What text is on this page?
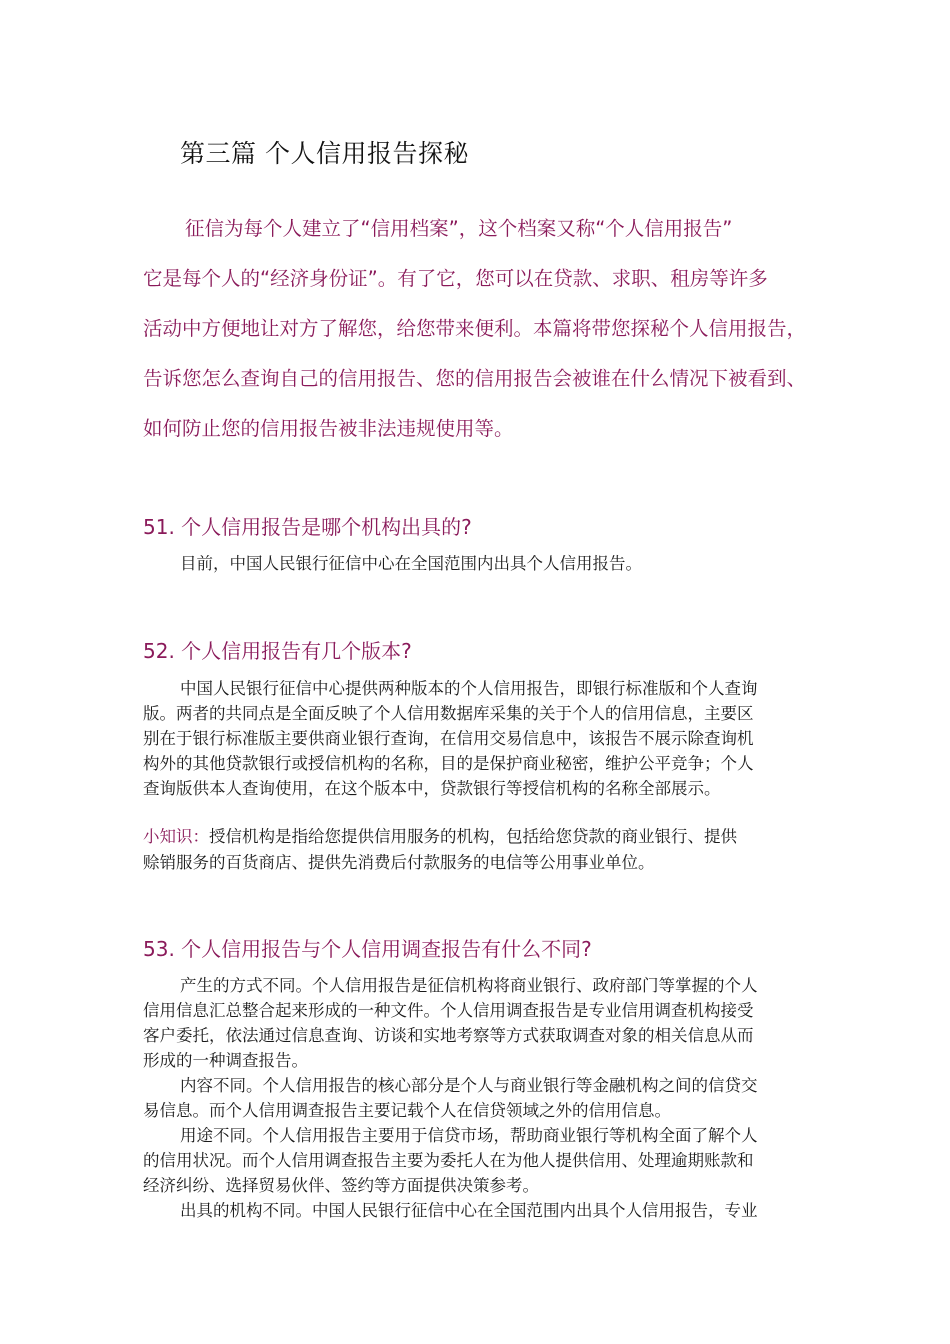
第三篇 个人信用报告探秘
征信为每个人建立了“信用档案”，这个档案又称“个人信用报告”
它是每个人的“经济身份证”。有了它，您可以在贷款、求职、租房等许多
活动中方便地让对方了解您，给您带来便利。本篇将带您探秘个人信用报告，
告诉您怎么查询自己的信用报告、您的信用报告会被谁在什么情况下被看到、
如何防止您的信用报告被非法违规使用等。
51. 个人信用报告是哪个机构出具的?
目前，中国人民银行征信中心在全国范围内出具个人信用报告。
52. 个人信用报告有几个版本?
中国人民银行征信中心提供两种版本的个人信用报告，即银行标准版和个人查询
版。两者的共同点是全面反映了个人信用数据库采集的关于个人的信用信息，主要区
别在于银行标准版主要供商业银行查询，在信用交易信息中，该报告不展示除查询机
构外的其他贷款银行或授信机构的名称，目的是保护商业秘密，维护公平竞争；个人
查询版供本人查询使用，在这个版本中，贷款银行等授信机构的名称全部展示。
小知识：授信机构是指给您提供信用服务的机构，包括给您贷款的商业银行、提供
赊销服务的百货商店、提供先消费后付款服务的电信等公用事业单位。
53. 个人信用报告与个人信用调查报告有什么不同?
产生的方式不同。个人信用报告是征信机构将商业银行、政府部门等掌握的个人
信用信息汇总整合起来形成的一种文件。个人信用调查报告是专业信用调查机构接受
客户委托，依法通过信息查询、访谈和实地考察等方式获取调查对象的相关信息从而
形成的一种调查报告。
内容不同。个人信用报告的核心部分是个人与商业银行等金融机构之间的信贷交
易信息。而个人信用调查报告主要记载个人在信贷领域之外的信用信息。
用途不同。个人信用报告主要用于信贷市场，帮助商业银行等机构全面了解个人
的信用状况。而个人信用调查报告主要为委托人在为他人提供信用、处理逾期账款和
经济纠纷、选择贸易伙伴、签约等方面提供决策参考。
出具的机构不同。中国人民银行征信中心在全国范围内出具个人信用报告，专业
